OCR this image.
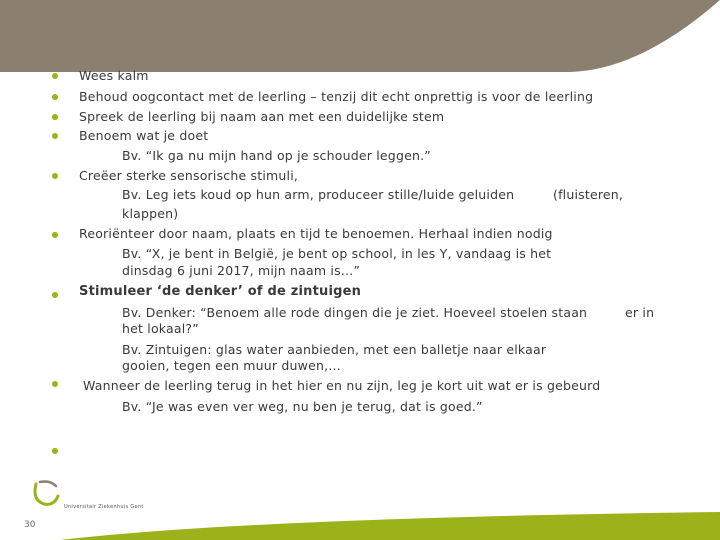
Wees kalm
Behoud oogcontact met de leerling – tenzij dit echt onprettig is voor de leerling
Spreek de leerling bij naam aan met een duidelijke stem
Benoem wat je doet
Bv. “Ik ga nu mijn hand op je schouder leggen.”
Creëer sterke sensorische stimuli,
Bv. Leg iets koud op hun arm, produceer stille/luide geluiden	(fluisteren,
klappen)
Reoriënteer door naam, plaats en tijd te benoemen. Herhaal indien nodig
Bv. “X, je bent in België, je bent op school, in les Y, vandaag is het
dinsdag 6 juni 2017, mijn naam is…”
Stimuleer ‘de denker’ of de zintuigen
Bv. Denker: “Benoem alle rode dingen die je ziet. Hoeveel stoelen staan	er in
het lokaal?”
Bv. Zintuigen: glas water aanbieden, met een balletje naar elkaar
gooien, tegen een muur duwen,…
Wanneer de leerling terug in het hier en nu zijn, leg je kort uit wat er is gebeurd
Bv. “Je was even ver weg, nu ben je terug, dat is goed.”
Universitair Ziekenhuis Gent
30
